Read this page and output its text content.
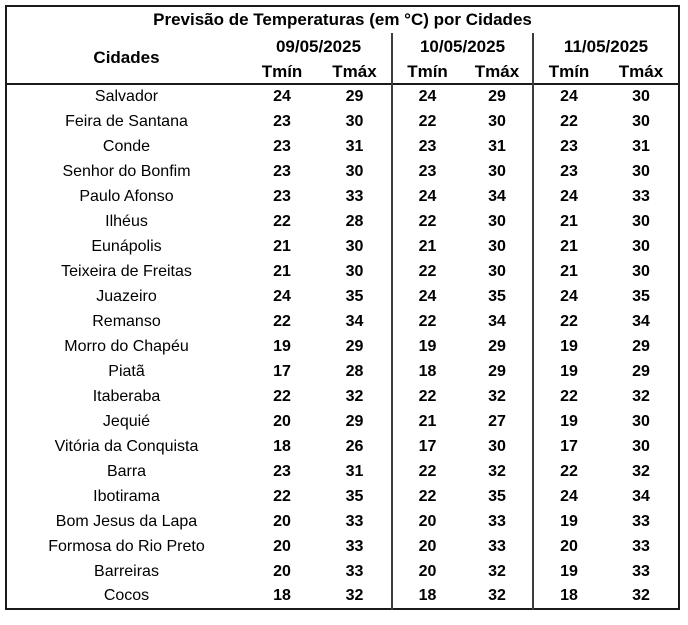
Previsão de Temperaturas (em °C) por Cidades						
Cidades	09/05/2025		10/05/2025		11/05/2025	
	Tmín	Tmáx	Tmín	Tmáx	Tmín	Tmáx
Salvador	24	29	24	29	24	30
Feira de Santana	23	30	22	30	22	30
Conde	23	31	23	31	23	31
Senhor do Bonfim	23	30	23	30	23	30
Paulo Afonso	23	33	24	34	24	33
Ilhéus	22	28	22	30	21	30
Eunápolis	21	30	21	30	21	30
Teixeira de Freitas	21	30	22	30	21	30
Juazeiro	24	35	24	35	24	35
Remanso	22	34	22	34	22	34
Morro do Chapéu	19	29	19	29	19	29
Piatã	17	28	18	29	19	29
Itaberaba	22	32	22	32	22	32
Jequié	20	29	21	27	19	30
Vitória da Conquista	18	26	17	30	17	30
Barra	23	31	22	32	22	32
Ibotirama	22	35	22	35	24	34
Bom Jesus da Lapa	20	33	20	33	19	33
Formosa do Rio Preto	20	33	20	33	20	33
Barreiras	20	33	20	32	19	33
Cocos	18	32	18	32	18	32
